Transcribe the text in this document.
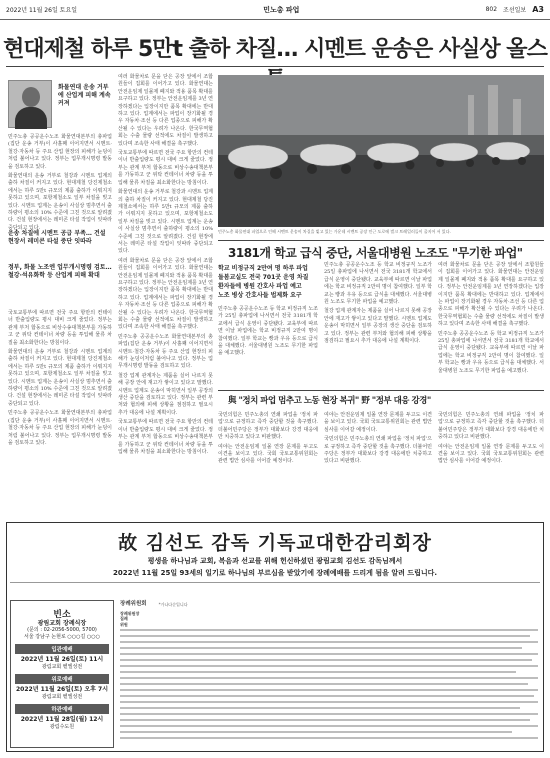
2022년 11월 26일 토요일	민노총 파업	802 조선일보 A3
현대제철 하루 5만t 출하 차질… 시멘트 운송은 사실상 올스
화물연대 운송 거부에 산업계 피해 계속 커져

민주노총 공공운수노조 화물연대본부의 총파업(집단 운송 거부)이 사흘째 이어지면서 시멘트·철강·자동차 등 주요 산업 현장의 피해가 눈덩이처럼 불어나고 있다. 정부는 업무개시명령 발동을 검토하고 있다.

화물연대의 운송 거부로 철강과 시멘트 업계의 출하 차질이 커지고 있다. 현대제철 당진제철소에서는 하루 5만t 규모의 제품 출하가 이뤄지지 못하고 있으며, 포항제철소도 일부 차질을 빚고 있다. 시멘트 업계는 운송이 사실상 멈추면서 출하량이 평소의 10% 수준에 그친 것으로 알려졌다. 건설 현장에서는 레미콘 타설 작업이 잇따라 중단되고 있다.

운송 차질에 시멘트 공급 부족… 건설 현장서 레미콘 타설 중단 잇따라
정부, 화물 노조엔 업무개시명령 검토… 철강·석유화학 등 산업계 피해 확대

국토교통부에 따르면 전국 주요 항만의 컨테이너 반출입량도 평시 대비 크게 줄었다. 정부는 관계 부처 합동으로 비상수송대책본부를 가동하고 군 위탁 컨테이너 차량 등을 투입해 물류 차질을 최소화한다는 방침이다.

화물연대의 운송 거부로 철강과 시멘트 업계의 출하 차질이 커지고 있다. 현대제철 당진제철소에서는 하루 5만t 규모의 제품 출하가 이뤄지지 못하고 있으며, 포항제철소도 일부 차질을 빚고 있다. 시멘트 업계는 운송이 사실상 멈추면서 출하량이 평소의 10% 수준에 그친 것으로 알려졌다. 건설 현장에서는 레미콘 타설 작업이 잇따라 중단되고 있다.

민주노총 공공운수노조 화물연대본부의 총파업(집단 운송 거부)이 사흘째 이어지면서 시멘트·철강·자동차 등 주요 산업 현장의 피해가 눈덩이처럼 불어나고 있다. 정부는 업무개시명령 발동을 검토하고 있다.

여러 화물차로 문을 닫은 공장 앞에서 조합원들이 집회를 이어가고 있다. 화물연대는 안전운임제 일몰제 폐지와 적용 품목 확대를 요구하고 있다. 정부는 안전운임제를 3년 연장하겠다는 입장이지만 품목 확대에는 반대하고 있다. 업계에서는 파업이 장기화될 경우 자동차·조선 등 다른 업종으로 피해가 확산될 수 있다는 우려가 나온다. 한국무역협회는 수출 물량 선적에도 차질이 발생하고 있다며 조속한 사태 해결을 촉구했다.

국토교통부에 따르면 전국 주요 항만의 컨테이너 반출입량도 평시 대비 크게 줄었다. 정부는 관계 부처 합동으로 비상수송대책본부를 가동하고 군 위탁 컨테이너 차량 등을 투입해 물류 차질을 최소화한다는 방침이다.

화물연대의 운송 거부로 철강과 시멘트 업계의 출하 차질이 커지고 있다. 현대제철 당진제철소에서는 하루 5만t 규모의 제품 출하가 이뤄지지 못하고 있으며, 포항제철소도 일부 차질을 빚고 있다. 시멘트 업계는 운송이 사실상 멈추면서 출하량이 평소의 10% 수준에 그친 것으로 알려졌다. 건설 현장에서는 레미콘 타설 작업이 잇따라 중단되고 있다.

여러 화물차로 문을 닫은 공장 앞에서 조합원들이 집회를 이어가고 있다. 화물연대는 안전운임제 일몰제 폐지와 적용 품목 확대를 요구하고 있다. 정부는 안전운임제를 3년 연장하겠다는 입장이지만 품목 확대에는 반대하고 있다. 업계에서는 파업이 장기화될 경우 자동차·조선 등 다른 업종으로 피해가 확산될 수 있다는 우려가 나온다. 한국무역협회는 수출 물량 선적에도 차질이 발생하고 있다며 조속한 사태 해결을 촉구했다.

민주노총 공공운수노조 화물연대본부의 총파업(집단 운송 거부)이 사흘째 이어지면서 시멘트·철강·자동차 등 주요 산업 현장의 피해가 눈덩이처럼 불어나고 있다. 정부는 업무개시명령 발동을 검토하고 있다.

철강 업계 관계자는 제품을 실어 나르지 못해 공장 안에 재고가 쌓이고 있다고 말했다. 시멘트 업계도 운송이 막히면서 일부 공장의 생산 중단을 검토하고 있다. 정부는 관련 부처와 협의해 피해 상황을 점검하고 필요시 추가 대응에 나설 계획이다.

국토교통부에 따르면 전국 주요 항만의 컨테이너 반출입량도 평시 대비 크게 줄었다. 정부는 관계 부처 합동으로 비상수송대책본부를 가동하고 군 위탁 컨테이너 차량 등을 투입해 물류 차질을 최소화한다는 방침이다.

민주노총 화물연대 파업으로 인해 시멘트 운송이 차질을 빚고 있는 가운데 시멘트 공장 인근 도로에 벌크 트레일러들이 줄지어 서 있다.
3181개 학교 급식 중단, 서울대병원 노조도 "무기한 파업"
학교 비정규직 2만여 명 하루 파업
돌봄교실도 전국 701곳 운영 차질
환자들에 병원 간호사 파업 예고
노조 병상 간호사들 법제화 요구

민주노총 공공운수노조 등 학교 비정규직 노조가 25일 총파업에 나서면서 전국 3181개 학교에서 급식 운영이 중단됐다. 교육부에 따르면 이날 파업에는 학교 비정규직 2만여 명이 참여했다. 일부 학교는 빵과 우유 등으로 급식을 대체했다. 서울대병원 노조도 무기한 파업을 예고했다.

민주노총 공공운수노조 등 학교 비정규직 노조가 25일 총파업에 나서면서 전국 3181개 학교에서 급식 운영이 중단됐다. 교육부에 따르면 이날 파업에는 학교 비정규직 2만여 명이 참여했다. 일부 학교는 빵과 우유 등으로 급식을 대체했다. 서울대병원 노조도 무기한 파업을 예고했다.

철강 업계 관계자는 제품을 실어 나르지 못해 공장 안에 재고가 쌓이고 있다고 말했다. 시멘트 업계도 운송이 막히면서 일부 공장의 생산 중단을 검토하고 있다. 정부는 관련 부처와 협의해 피해 상황을 점검하고 필요시 추가 대응에 나설 계획이다.

여러 화물차로 문을 닫은 공장 앞에서 조합원들이 집회를 이어가고 있다. 화물연대는 안전운임제 일몰제 폐지와 적용 품목 확대를 요구하고 있다. 정부는 안전운임제를 3년 연장하겠다는 입장이지만 품목 확대에는 반대하고 있다. 업계에서는 파업이 장기화될 경우 자동차·조선 등 다른 업종으로 피해가 확산될 수 있다는 우려가 나온다. 한국무역협회는 수출 물량 선적에도 차질이 발생하고 있다며 조속한 사태 해결을 촉구했다.

민주노총 공공운수노조 등 학교 비정규직 노조가 25일 총파업에 나서면서 전국 3181개 학교에서 급식 운영이 중단됐다. 교육부에 따르면 이날 파업에는 학교 비정규직 2만여 명이 참여했다. 일부 학교는 빵과 우유 등으로 급식을 대체했다. 서울대병원 노조도 무기한 파업을 예고했다.

與 "정치 파업 멈추고 노동 현장 복귀" 野 "정부 대응 강경"

국민의힘은 민주노총의 연쇄 파업을 '정치 파업'으로 규정하고 즉각 중단할 것을 촉구했다. 더불어민주당은 정부가 대화보다 강경 대응에만 치중하고 있다고 비판했다.

여야는 안전운임제 일몰 연장 문제를 두고도 이견을 보이고 있다. 국회 국토교통위원회는 관련 법안 심사를 이어갈 예정이다.

여야는 안전운임제 일몰 연장 문제를 두고도 이견을 보이고 있다. 국회 국토교통위원회는 관련 법안 심사를 이어갈 예정이다.

국민의힘은 민주노총의 연쇄 파업을 '정치 파업'으로 규정하고 즉각 중단할 것을 촉구했다. 더불어민주당은 정부가 대화보다 강경 대응에만 치중하고 있다고 비판했다.

국민의힘은 민주노총의 연쇄 파업을 '정치 파업'으로 규정하고 즉각 중단할 것을 촉구했다. 더불어민주당은 정부가 대화보다 강경 대응에만 치중하고 있다고 비판했다.

여야는 안전운임제 일몰 연장 문제를 두고도 이견을 보이고 있다. 국회 국토교통위원회는 관련 법안 심사를 이어갈 예정이다.

故 김선도 감독 기독교대한감리회장
평생을 하나님과 교회, 복음과 선교를 위해 헌신하셨던 광림교회 김선도 감독님께서
2022년 11월 25일 93세의 일기로 하나님의 부르심을 받았기에 장례예배를 드리게 됨을 알려 드립니다.
빈소
광림교회 장례식장
(문의 : 02-2056-5000, 5700)
서울 강남구 논현로 ○○○길 ○○○
입관예배
2022년 11월 26일(토) 11시
광림교회 벧엘성전
위로예배
2022년 11월 26일(토) 오후 7시
광림교회 벧엘성전
하관예배
2022년 11월 28일(월) 12시
광림수도원
장례위원회	*가나다순입니다
장례위원장
집례
위원
